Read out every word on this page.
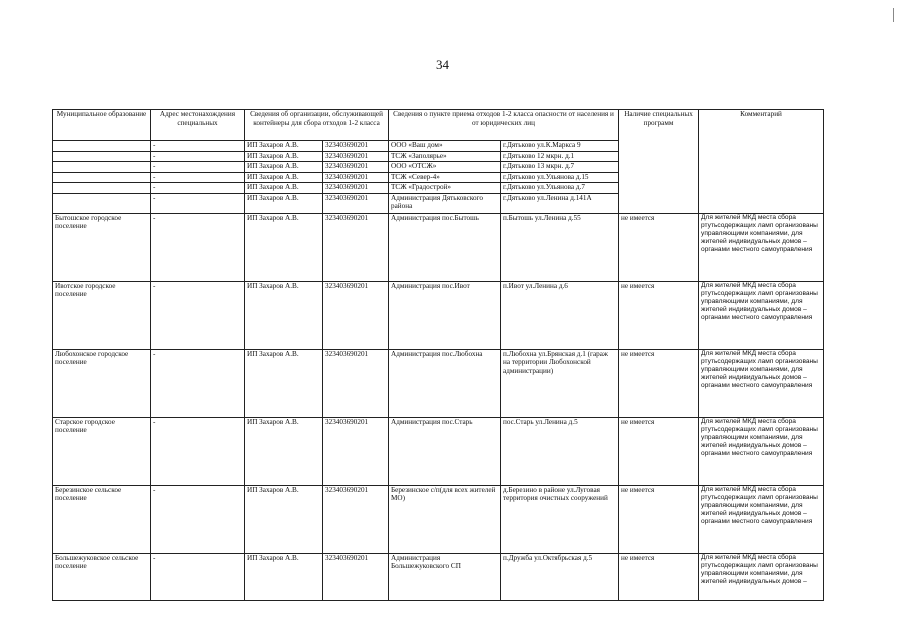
34
Муниципальное образование	Адрес местонахождения специальных	Сведения об организации, обслуживающей контейнеры для сбора отходов 1-2 класса		Сведения о пункте приема отходов 1-2 класса опасности от населения и от юридических лиц		Наличие специальных программ	Комментарий
	-	ИП Захаров А.В.	323403690201	ООО «Ваш дом»	г.Дятьково ул.К.Маркса 9		
	-	ИП Захаров А.В.	323403690201	ТСЖ «Заполярье»	г.Дятьково 12 мкрн. д.1		
	-	ИП Захаров А.В.	323403690201	ООО «ОТСЖ»	г.Дятьково 13 мкрн. д.7		
	-	ИП Захаров А.В.	323403690201	ТСЖ «Север-4»	г.Дятьково ул.Ульянова д.15		
	-	ИП Захаров А.В.	323403690201	ТСЖ «Градострой»	г.Дятьково ул.Ульянова д.7		
	-	ИП Захаров А.В.	323403690201	Администрация Дятьковского района	г.Дятьково ул.Ленина д.141А		
Бытошское городское поселение	-	ИП Захаров А.В.	323403690201	Администрация пос.Бытошь	п.Бытошь ул.Ленина д.55	не имеется	Для жителей МКД места сбора ртутьсодержащих ламп организованы управляющими компаниями, для жителей индивидуальных домов – органами местного самоуправления
Ивотское городское поселение	-	ИП Захаров А.В.	323403690201	Администрация пос.Ивот	п.Ивот ул.Ленина д.6	не имеется	Для жителей МКД места сбора ртутьсодержащих ламп организованы управляющими компаниями, для жителей индивидуальных домов – органами местного самоуправления
Любохонское городское поселение	-	ИП Захаров А.В.	323403690201	Администрация пос.Любохна	п.Любохна ул.Брянская д.1 (гараж на территории Любохонской администрации)	не имеется	Для жителей МКД места сбора ртутьсодержащих ламп организованы управляющими компаниями, для жителей индивидуальных домов – органами местного самоуправления
Старское городское поселение	-	ИП Захаров А.В.	323403690201	Администрация пос.Старь	пос.Старь ул.Ленина д.5	не имеется	Для жителей МКД места сбора ртутьсодержащих ламп организованы управляющими компаниями, для жителей индивидуальных домов – органами местного самоуправления
Березинское сельское поселение	-	ИП Захаров А.В.	323403690201	Березинское с/п(для всех жителей МО)	д.Березино в районе ул.Луговая территория очистных сооружений	не имеется	Для жителей МКД места сбора ртутьсодержащих ламп организованы управляющими компаниями, для жителей индивидуальных домов – органами местного самоуправления
Большежуковское сельское поселение	-	ИП Захаров А.В.	323403690201	Администрация Большежуковского СП	п.Дружба ул.Октябрьская д.5	не имеется	Для жителей МКД места сбора ртутьсодержащих ламп организованы управляющими компаниями, для жителей индивидуальных домов –
